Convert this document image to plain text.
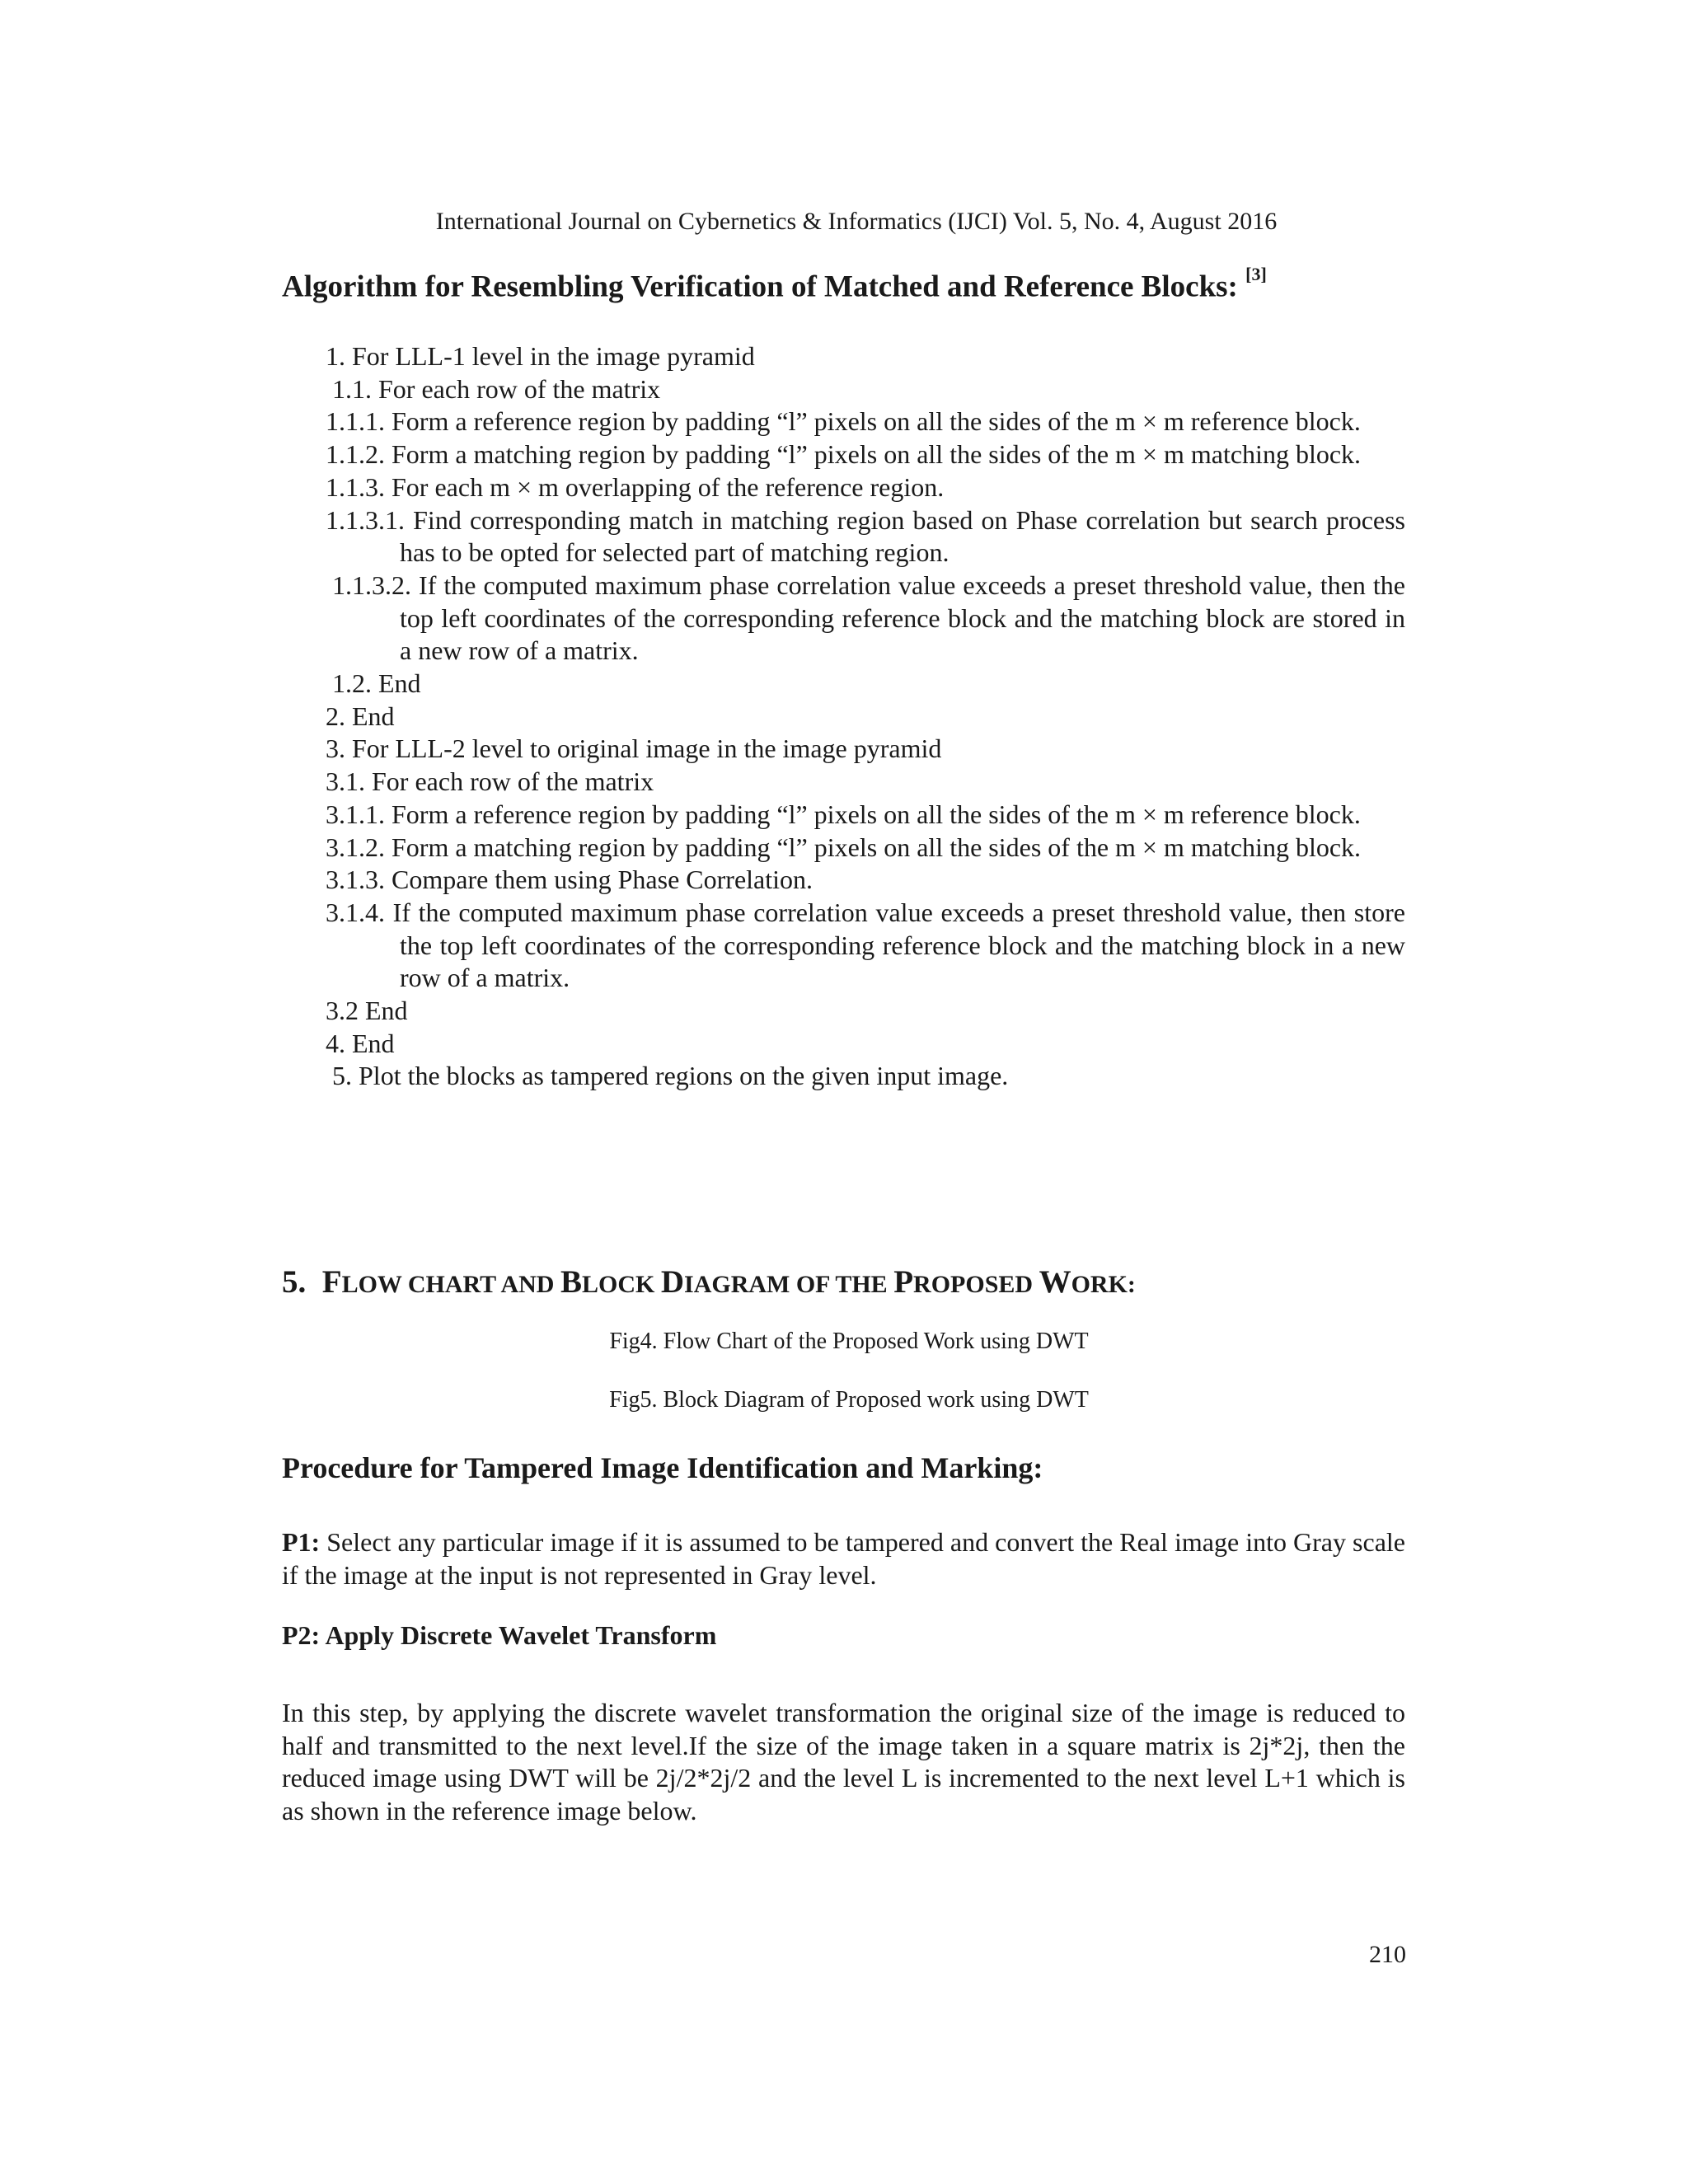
International Journal on Cybernetics & Informatics (IJCI) Vol. 5, No. 4, August 2016
Algorithm for Resembling Verification of Matched and Reference Blocks: [3]
1. For LLL-1 level in the image pyramid
1.1. For each row of the matrix
1.1.1. Form a reference region by padding “l” pixels on all the sides of the m × m reference block.
1.1.2. Form a matching region by padding “l” pixels on all the sides of the m × m matching block.
1.1.3. For each m × m overlapping of the reference region.
1.1.3.1. Find corresponding match in matching region based on Phase correlation but search process has to be opted for selected part of matching region.
1.1.3.2. If the computed maximum phase correlation value exceeds a preset threshold value, then the top left coordinates of the corresponding reference block and the matching block are stored in a new row of a matrix.
1.2. End
2. End
3. For LLL-2 level to original image in the image pyramid
3.1. For each row of the matrix
3.1.1. Form a reference region by padding “l” pixels on all the sides of the m × m reference block.
3.1.2. Form a matching region by padding “l” pixels on all the sides of the m × m matching block.
3.1.3. Compare them using Phase Correlation.
3.1.4. If the computed maximum phase correlation value exceeds a preset threshold value, then store the top left coordinates of the corresponding reference block and the matching block in a new row of a matrix.
3.2 End
4. End
5. Plot the blocks as tampered regions on the given input image.
5. FLOW CHART AND BLOCK DIAGRAM OF THE PROPOSED WORK:
Fig4. Flow Chart of the Proposed Work using DWT
Fig5. Block Diagram of Proposed work using DWT
Procedure for Tampered Image Identification and Marking:
P1: Select any particular image if it is assumed to be tampered and convert the Real image into Gray scale if the image at the input is not represented in Gray level.
P2: Apply Discrete Wavelet Transform
In this step, by applying the discrete wavelet transformation the original size of the image is reduced to half and transmitted to the next level.If the size of the image taken in a square matrix is 2j*2j, then the reduced image using DWT will be 2j/2*2j/2 and the level L is incremented to the next level L+1 which is as shown in the reference image below.
210
